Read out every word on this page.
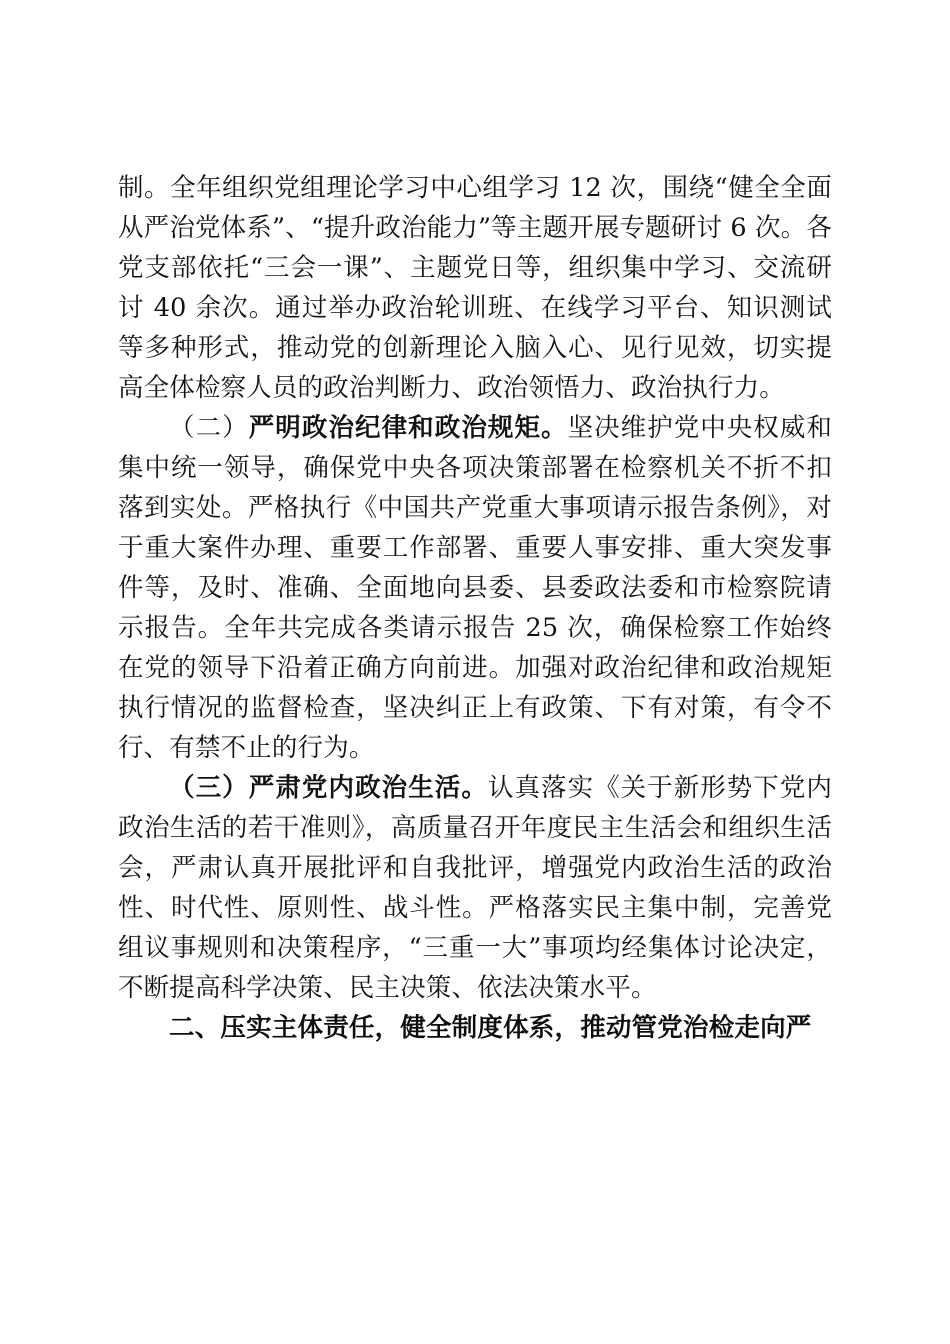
制。全年组织党组理论学习中心组学习 12 次，围绕“健全全面从严治党体系”、“提升政治能力”等主题开展专题研讨 6 次。各党支部依托“三会一课”、主题党日等，组织集中学习、交流研讨 40 余次。通过举办政治轮训班、在线学习平台、知识测试等多种形式，推动党的创新理论入脑入心、见行见效，切实提高全体检察人员的政治判断力、政治领悟力、政治执行力。

（二）严明政治纪律和政治规矩。坚决维护党中央权威和集中统一领导，确保党中央各项决策部署在检察机关不折不扣落到实处。严格执行《中国共产党重大事项请示报告条例》，对于重大案件办理、重要工作部署、重要人事安排、重大突发事件等，及时、准确、全面地向县委、县委政法委和市检察院请示报告。全年共完成各类请示报告 25 次，确保检察工作始终在党的领导下沿着正确方向前进。加强对政治纪律和政治规矩执行情况的监督检查，坚决纠正上有政策、下有对策，有令不行、有禁不止的行为。

（三）严肃党内政治生活。认真落实《关于新形势下党内政治生活的若干准则》，高质量召开年度民主生活会和组织生活会，严肃认真开展批评和自我批评，增强党内政治生活的政治性、时代性、原则性、战斗性。严格落实民主集中制，完善党组议事规则和决策程序，“三重一大”事项均经集体讨论决定，不断提高科学决策、民主决策、依法决策水平。

二、压实主体责任，健全制度体系，推动管党治检走向严
